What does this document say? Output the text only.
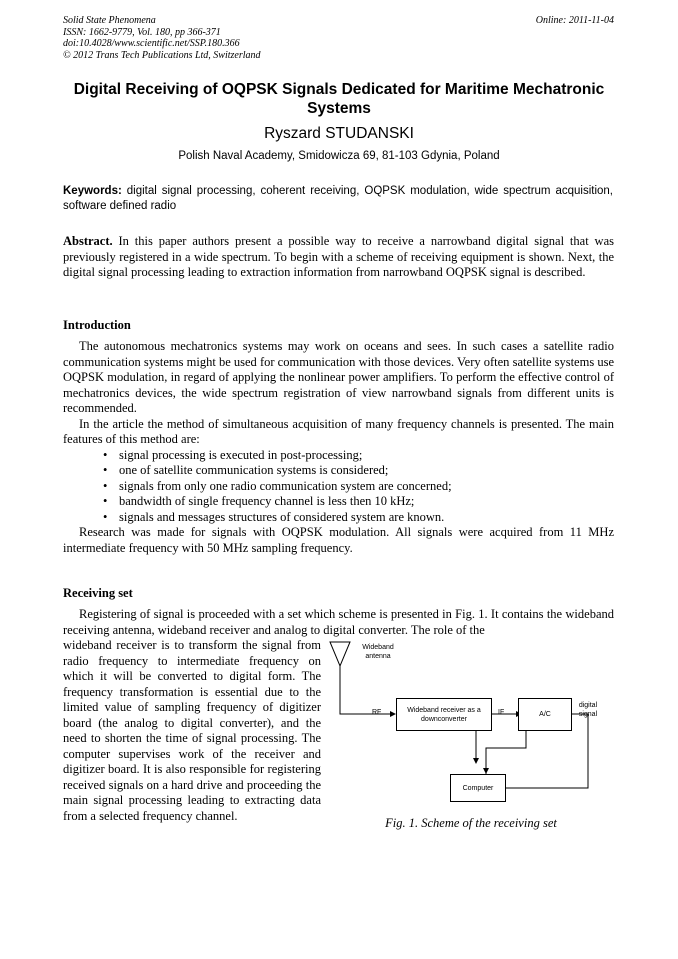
Solid State Phenomena
ISSN: 1662-9779, Vol. 180, pp 366-371
doi:10.4028/www.scientific.net/SSP.180.366
© 2012 Trans Tech Publications Ltd, Switzerland
Online: 2011-11-04
Digital Receiving of OQPSK Signals Dedicated for Maritime Mechatronic Systems
Ryszard STUDANSKI
Polish Naval Academy, Smidowicza 69, 81-103 Gdynia, Poland
Keywords: digital signal processing, coherent receiving, OQPSK modulation, wide spectrum acquisition, software defined radio
Abstract. In this paper authors present a possible way to receive a narrowband digital signal that was previously registered in a wide spectrum. To begin with a scheme of receiving equipment is shown. Next, the digital signal processing leading to extraction information from narrowband OQPSK signal is described.
Introduction

The autonomous mechatronics systems may work on oceans and sees. In such cases a satellite radio communication systems might be used for communication with those devices. Very often satellite systems use OQPSK modulation, in regard of applying the nonlinear power amplifiers. To perform the effective control of mechatronics devices, the wide spectrum registration of view narrowband signals from different units is recommended.

In the article the method of simultaneous acquisition of many frequency channels is presented. The main features of this method are:

• signal processing is executed in post-processing;
• one of satellite communication systems is considered;
• signals from only one radio communication system are concerned;
• bandwidth of single frequency channel is less then 10 kHz;
• signals and messages structures of considered system are known.

Research was made for signals with OQPSK modulation. All signals were acquired from 11 MHz intermediate frequency with 50 MHz sampling frequency.

Receiving set

Registering of signal is proceeded with a set which scheme is presented in Fig. 1. It contains the wideband receiving antenna, wideband receiver and analog to digital converter. The role of the

wideband receiver is to transform the signal from radio frequency to intermediate frequency on which it will be converted to digital form. The frequency transformation is essential due to the limited value of sampling frequency of digitizer board (the analog to digital converter), and the need to shorten the time of signal processing. The computer supervises work of the receiver and digitizer board. It is also responsible for registering received signals on a hard drive and proceeding the main signal processing leading to extracting data from a selected frequency channel.
Wideband antenna
RF	Wideband receiver as a downconverter
IF	A/C
digital signal
Computer
Fig. 1. Scheme of the receiving set
